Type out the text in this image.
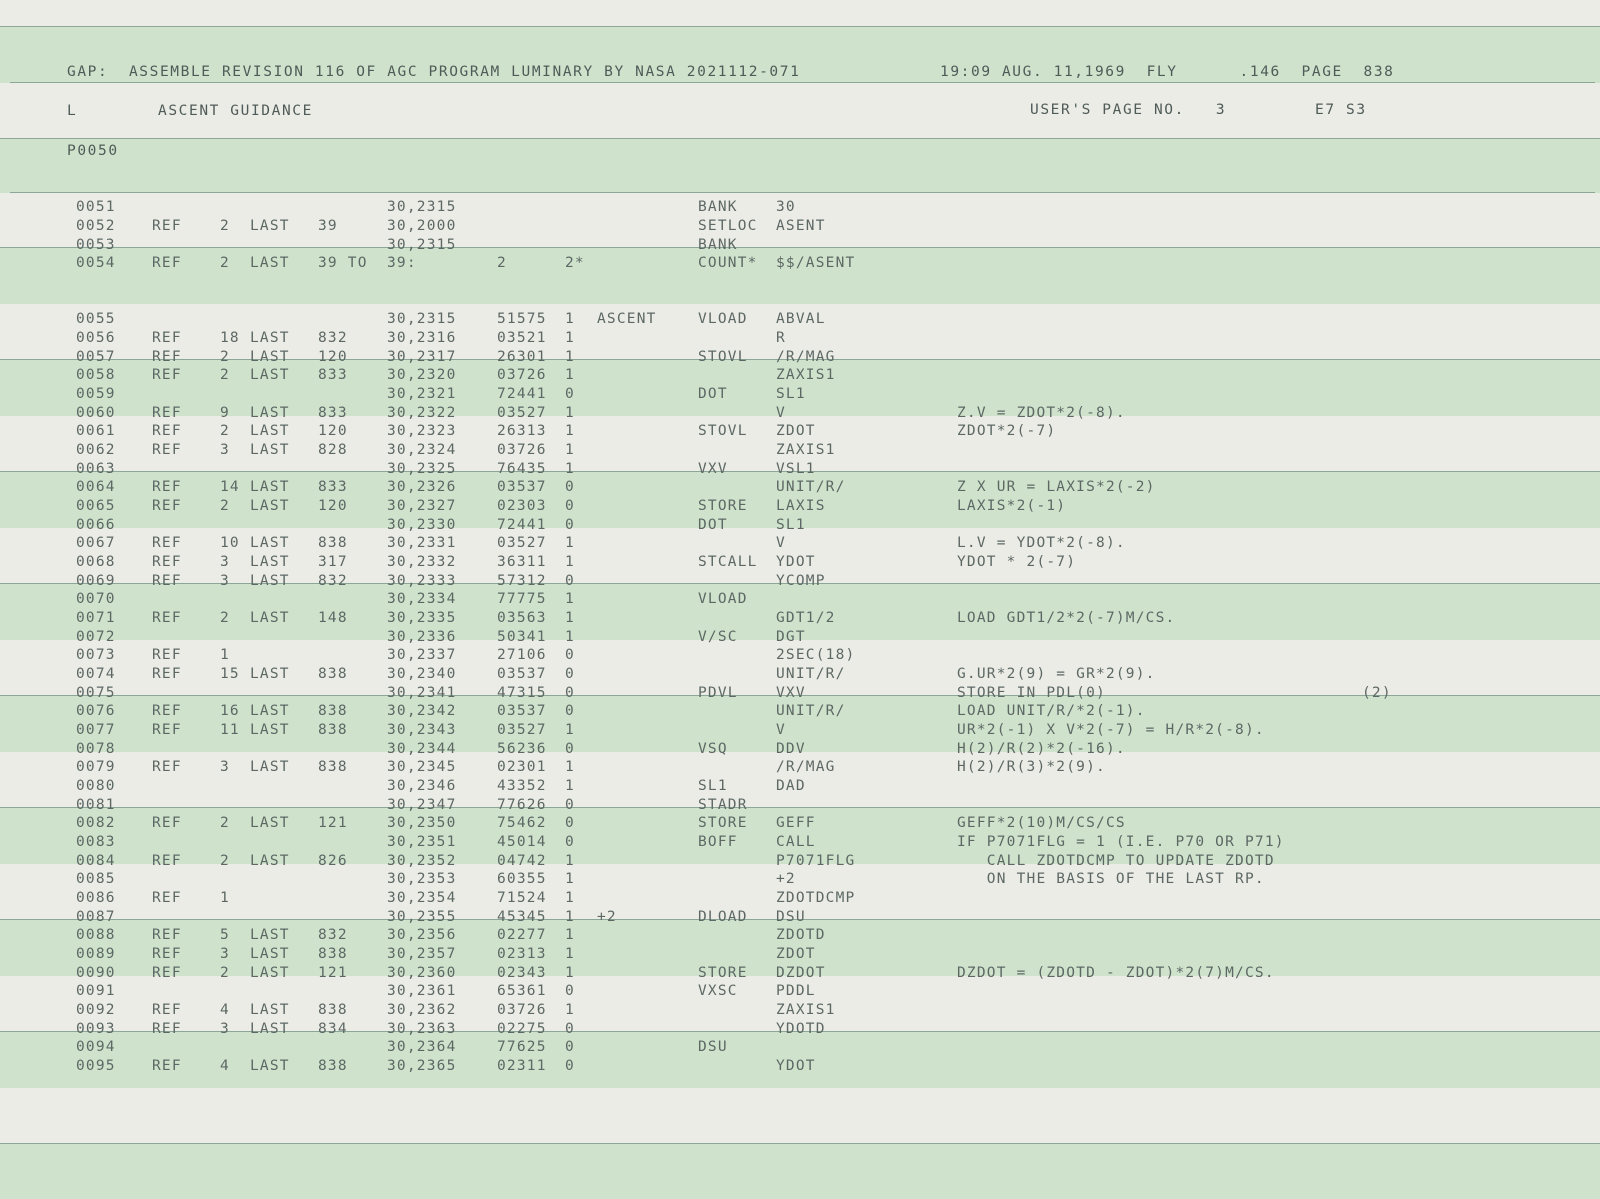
GAP:  ASSEMBLE REVISION 116 OF AGC PROGRAM LUMINARY BY NASA 2021112-071	19:09 AUG. 11,1969  FLY      .146  PAGE  838
L	ASCENT GUIDANCE	USER'S PAGE NO.   3	E7 S3
P0050
0051	30,2315	BANK	30
0052	REF	2 LAST 39	30,2000	SETLOC ASENT
0053	30,2315	BANK
0054	REF	2 LAST 39 TO 39:	2	2*	COUNT* $$/ASENT
0055	30,2315	51575 1 ASCENT	VLOAD ABVAL
0056	REF	18 LAST 832	30,2316	03521 1	R
0057	REF	2 LAST 120	30,2317	26301 1	STOVL /R/MAG
0058	REF	2 LAST 833	30,2320	03726 1	ZAXIS1
0059	30,2321	72441 0	DOT	SL1
0060	REF	9 LAST 833	30,2322	03527 1	V	Z.V = ZDOT*2(-8).
0061	REF	2 LAST 120	30,2323	26313 1	STOVL ZDOT	ZDOT*2(-7)
0062	REF	3 LAST 828	30,2324	03726 1	ZAXIS1
0063	30,2325	76435 1	VXV	VSL1
0064	REF	14 LAST 833	30,2326	03537 0	UNIT/R/	Z X UR = LAXIS*2(-2)
0065	REF	2 LAST 120	30,2327	02303 0	STORE LAXIS	LAXIS*2(-1)
0066	30,2330	72441 0	DOT	SL1
0067	REF	10 LAST 838	30,2331	03527 1	V	L.V = YDOT*2(-8).
0068	REF	3 LAST 317	30,2332	36311 1	STCALL YDOT	YDOT * 2(-7)
0069	REF	3 LAST 832	30,2333	57312 0	YCOMP
0070	30,2334	77775 1	VLOAD
0071	REF	2 LAST 148	30,2335	03563 1	GDT1/2	LOAD GDT1/2*2(-7)M/CS.
0072	30,2336	50341 1	V/SC	DGT
0073	REF	1	30,2337	27106 0	2SEC(18)
0074	REF	15 LAST 838	30,2340	03537 0	UNIT/R/	G.UR*2(9) = GR*2(9).
0075	30,2341	47315 0	PDVL	VXV	STORE IN PDL(0)	(2)
0076	REF	16 LAST 838	30,2342	03537 0	UNIT/R/	LOAD UNIT/R/*2(-1).
0077	REF	11 LAST 838	30,2343	03527 1	V	UR*2(-1) X V*2(-7) = H/R*2(-8).
0078	30,2344	56236 0	VSQ	DDV	H(2)/R(2)*2(-16).
0079	REF	3 LAST 838	30,2345	02301 1	/R/MAG	H(2)/R(3)*2(9).
0080	30,2346	43352 1	SL1	DAD
0081	30,2347	77626 0	STADR
0082	REF	2 LAST 121	30,2350	75462 0	STORE GEFF	GEFF*2(10)M/CS/CS
0083	30,2351	45014 0	BOFF	CALL	IF P7071FLG = 1 (I.E. P70 OR P71)
0084	REF	2 LAST 826	30,2352	04742 1	P7071FLG	CALL ZDOTDCMP TO UPDATE ZDOTD
0085	30,2353	60355 1	+2	ON THE BASIS OF THE LAST RP.
0086	REF	1	30,2354	71524 1	ZDOTDCMP
0087	30,2355	45345 1 +2	DLOAD DSU
0088	REF	5 LAST 832	30,2356	02277 1	ZDOTD
0089	REF	3 LAST 838	30,2357	02313 1	ZDOT
0090	REF	2 LAST 121	30,2360	02343 1	STORE DZDOT	DZDOT = (ZDOTD - ZDOT)*2(7)M/CS.
0091	30,2361	65361 0	VXSC	PDDL
0092	REF	4 LAST 838	30,2362	03726 1	ZAXIS1
0093	REF	3 LAST 834	30,2363	02275 0	YDOTD
0094	30,2364	77625 0	DSU
0095	REF	4 LAST 838	30,2365	02311 0	YDOT
